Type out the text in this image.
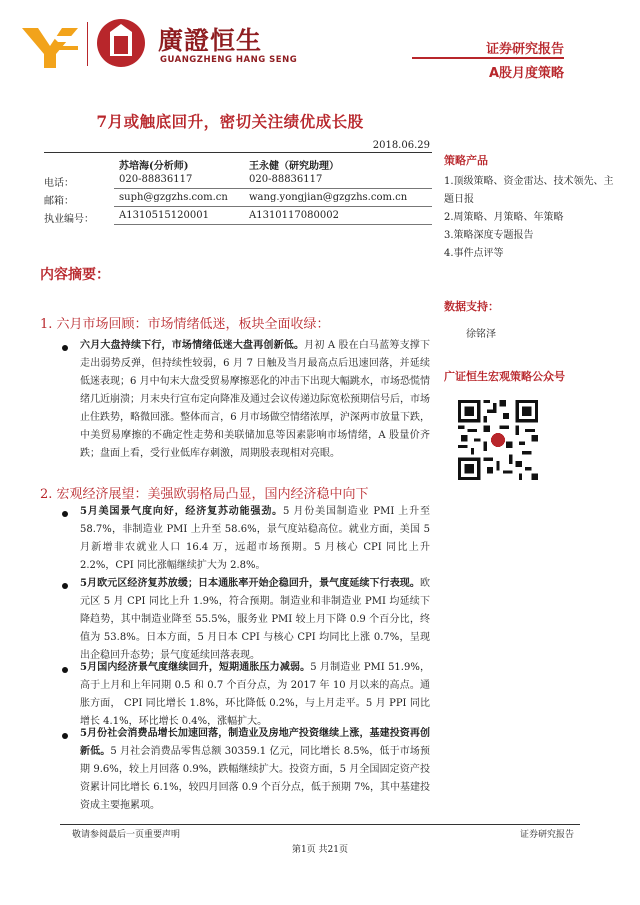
廣證恒生
GUANGZHENG HANG SENG
证券研究报告
A股月度策略
7月或触底回升，密切关注绩优成长股
2018.06.29
苏培海(分析师)	王永健（研究助理）
电话：	020-88836117	020-88836117
邮箱：	suph@gzgzhs.com.cn wang.yongjian@gzgzhs.com.cn
执业编号：	A1310515120001	A1310117080002
内容摘要：
1. 六月市场回顾：市场情绪低迷，板块全面收绿：
六月大盘持续下行，市场情绪低迷大盘再创新低。月初 A 股在白马蓝筹支撑下走出弱势反弹，但持续性较弱，6 月 7 日触及当月最高点后迅速回落，并延续低迷表现；6 月中旬末大盘受贸易摩擦恶化的冲击下出现大幅跳水，市场恐慌情绪几近崩溃；月末央行宣布定向降准及通过会议传递边际宽松预期信号后，市场止住跌势，略微回涨。整体而言，6 月市场做空情绪浓厚，沪深两市放量下跌，中美贸易摩擦的不确定性走势和美联储加息等因素影响市场情绪，A 股量价齐跌；盘面上看，受行业低库存刺激，周期股表现相对亮眼。
2. 宏观经济展望：美强欧弱格局凸显，国内经济稳中向下
5月美国景气度向好，经济复苏动能强劲。5 月份美国制造业 PMI 上升至 58.7%，非制造业 PMI 上升至 58.6%，景气度站稳高位。就业方面，美国 5 月新增非农就业人口 16.4 万，远超市场预期。5 月核心 CPI 同比上升 2.2%，CPI 同比涨幅继续扩大为 2.8%。
5月欧元区经济复苏放缓；日本通胀率开始企稳回升，景气度延续下行表现。欧元区 5 月 CPI 同比上升 1.9%，符合预期。制造业和非制造业 PMI 均延续下降趋势，其中制造业降至 55.5%，服务业 PMI 较上月下降 0.9 个百分比，终值为 53.8%。日本方面，5 月日本 CPI 与核心 CPI 均同比上涨 0.7%，呈现出企稳回升态势；景气度延续回落表现。
5月国内经济景气度继续回升，短期通胀压力减弱。5 月制造业 PMI 51.9%，高于上月和上年同期 0.5 和 0.7 个百分点，为 2017 年 10 月以来的高点。通胀方面， CPI 同比增长 1.8%，环比降低 0.2%，与上月走平。5 月 PPI 同比增长 4.1%，环比增长 0.4%，涨幅扩大。
5月份社会消费品增长加速回落，制造业及房地产投资继续上涨，基建投资再创新低。5 月社会消费品零售总额 30359.1 亿元，同比增长 8.5%，低于市场预期 9.6%，较上月回落 0.9%，跌幅继续扩大。投资方面，5 月全国固定资产投资累计同比增长 6.1%，较四月回落 0.9 个百分点，低于预期 7%，其中基建投资成主要拖累项。
策略产品
1.顶级策略、资金雷达、技术领先、主题日报
2.周策略、月策略、年策略
3.策略深度专题报告
4.事件点评等
数据支持：
徐铭泽
广证恒生宏观策略公众号
敬请参阅最后一页重要声明	证券研究报告
第1页 共21页
